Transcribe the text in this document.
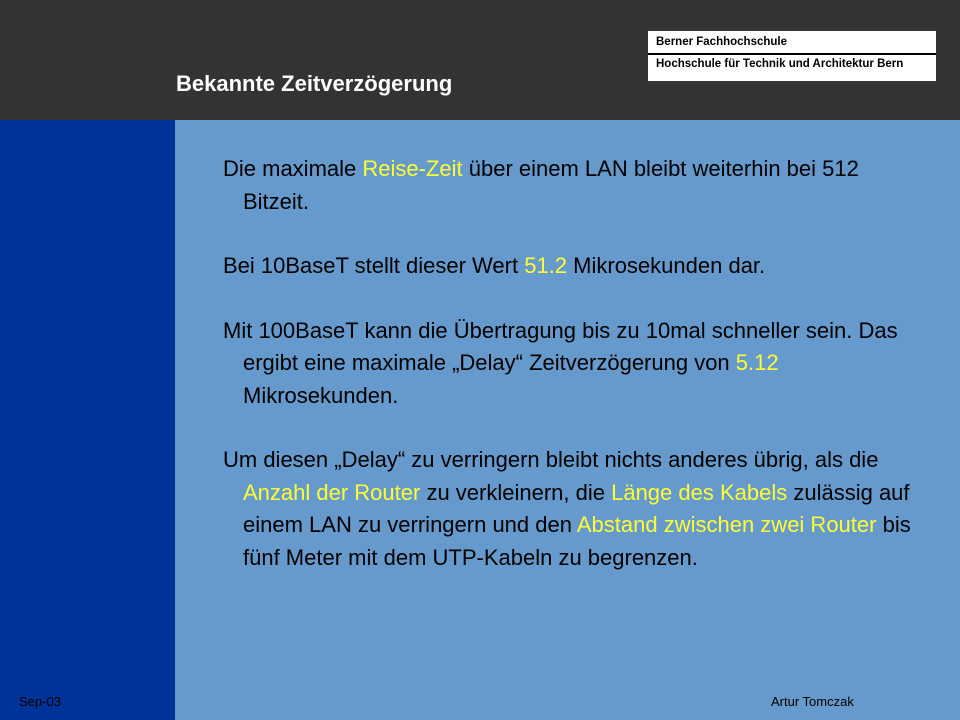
Bekannte Zeitverzögerung
Berner Fachhochschule
Hochschule für Technik und Architektur Bern

Die maximale Reise-Zeit über einem LAN bleibt weiterhin bei 512 Bitzeit.

Bei 10BaseT stellt dieser Wert 51.2 Mikrosekunden dar.

Mit 100BaseT kann die Übertragung bis zu 10mal schneller sein. Das ergibt eine maximale „Delay“ Zeitverzögerung von 5.12 Mikrosekunden.

Um diesen „Delay“ zu verringern bleibt nichts anderes übrig, als die Anzahl der Router zu verkleinern, die Länge des Kabels zulässig auf einem LAN zu verringern und den Abstand zwischen zwei Router bis fünf Meter mit dem UTP-Kabeln zu begrenzen.

Sep-03	Artur Tomczak
